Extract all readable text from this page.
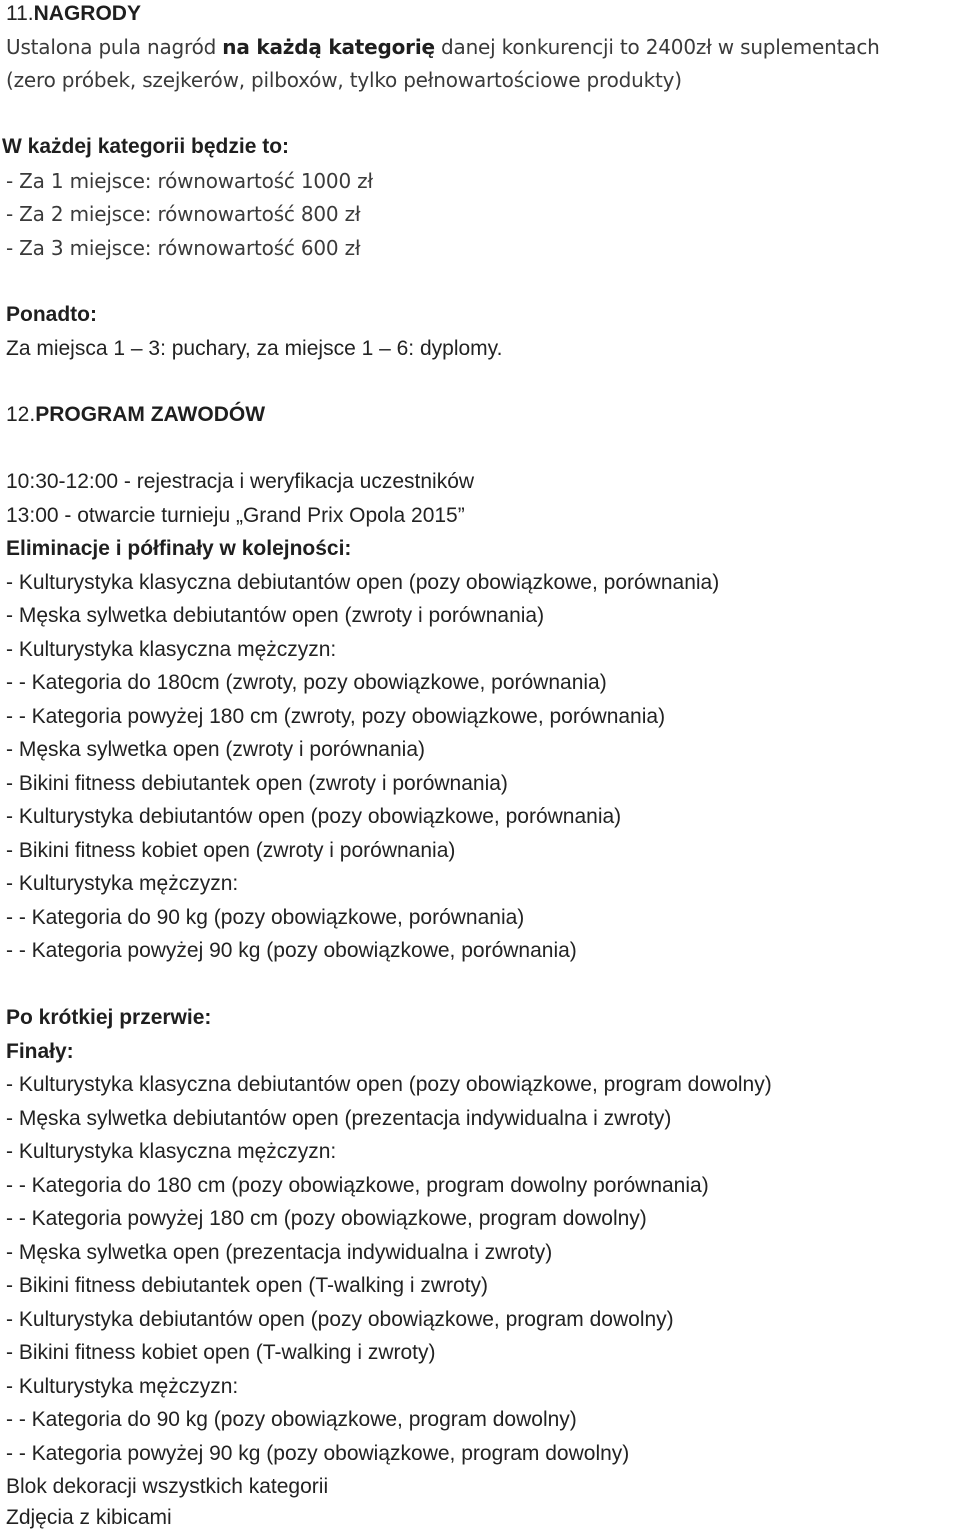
11.NAGRODY
Ustalona pula nagród na każdą kategorię danej konkurencji to 2400zł w suplementach
(zero próbek, szejkerów, pilboxów, tylko pełnowartościowe produkty)
W każdej kategorii będzie to:
- Za 1 miejsce: równowartość 1000 zł
- Za 2 miejsce: równowartość 800 zł
- Za 3 miejsce: równowartość 600 zł
Ponadto:
Za miejsca 1 – 3: puchary, za miejsce 1 – 6: dyplomy.
12.PROGRAM ZAWODÓW
10:30-12:00 - rejestracja i weryfikacja uczestników
13:00 - otwarcie turnieju „Grand Prix Opola 2015”
Eliminacje i półfinały w kolejności:
- Kulturystyka klasyczna debiutantów open (pozy obowiązkowe, porównania)
- Męska sylwetka debiutantów open (zwroty i porównania)
- Kulturystyka klasyczna mężczyzn:
- - Kategoria do 180cm (zwroty, pozy obowiązkowe, porównania)
- - Kategoria powyżej 180 cm (zwroty, pozy obowiązkowe, porównania)
- Męska sylwetka open (zwroty i porównania)
- Bikini fitness debiutantek open (zwroty i porównania)
- Kulturystyka debiutantów open (pozy obowiązkowe, porównania)
- Bikini fitness kobiet open (zwroty i porównania)
- Kulturystyka mężczyzn:
- - Kategoria do 90 kg (pozy obowiązkowe, porównania)
- - Kategoria powyżej 90 kg (pozy obowiązkowe, porównania)
Po krótkiej przerwie:
Finały:
- Kulturystyka klasyczna debiutantów open (pozy obowiązkowe, program dowolny)
- Męska sylwetka debiutantów open (prezentacja indywidualna i zwroty)
- Kulturystyka klasyczna mężczyzn:
- - Kategoria do 180 cm (pozy obowiązkowe, program dowolny porównania)
- - Kategoria powyżej 180 cm (pozy obowiązkowe, program dowolny)
- Męska sylwetka open (prezentacja indywidualna i zwroty)
- Bikini fitness debiutantek open (T-walking i zwroty)
- Kulturystyka debiutantów open (pozy obowiązkowe, program dowolny)
- Bikini fitness kobiet open (T-walking i zwroty)
- Kulturystyka mężczyzn:
- - Kategoria do 90 kg (pozy obowiązkowe, program dowolny)
- - Kategoria powyżej 90 kg (pozy obowiązkowe, program dowolny)
Blok dekoracji wszystkich kategorii
Zdjęcia z kibicami
